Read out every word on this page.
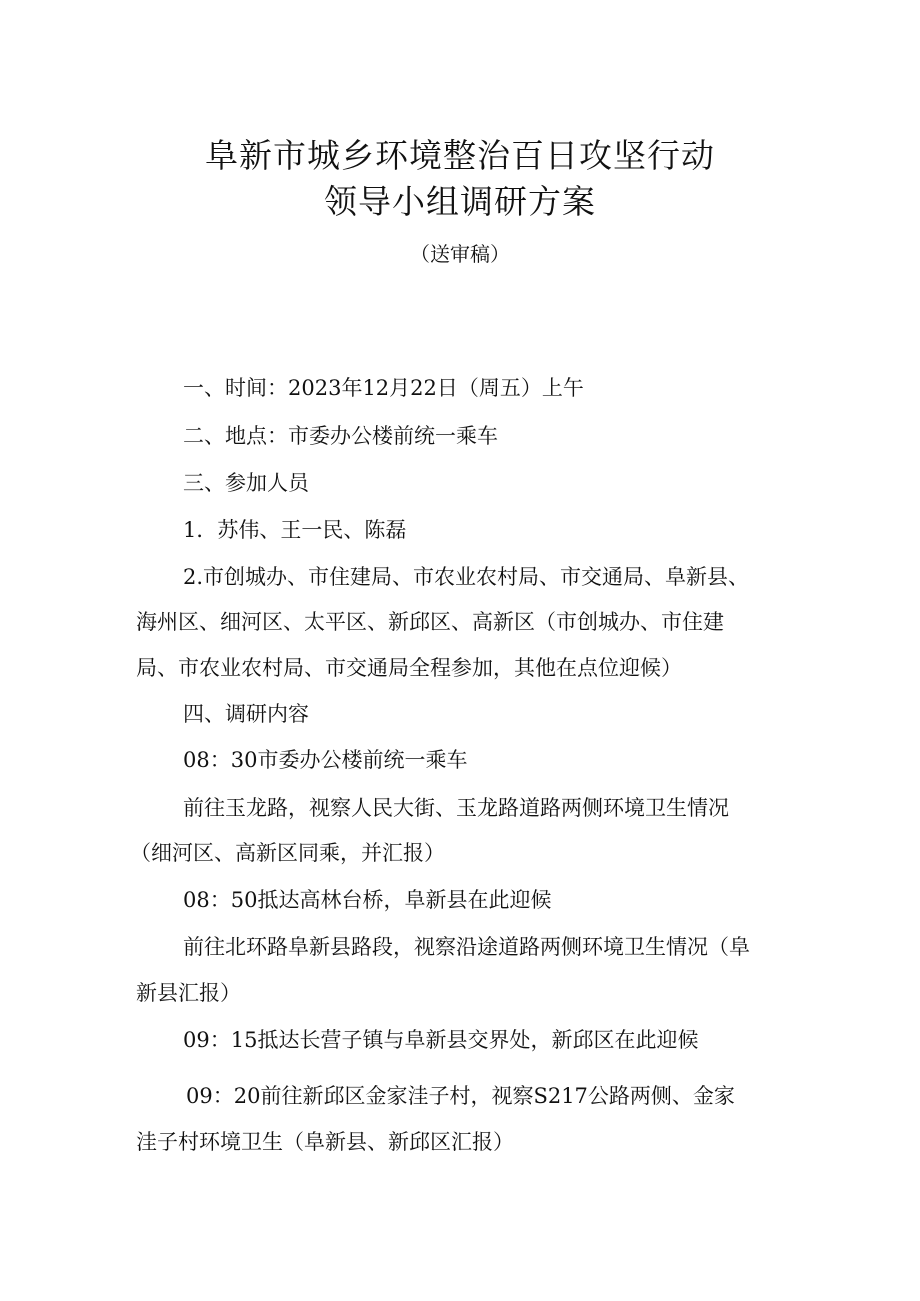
阜新市城乡环境整治百日攻坚行动
领导小组调研方案
（送审稿）
一、时间：2023年12月22日（周五）上午
二、地点：市委办公楼前统一乘车
三、参加人员
1．苏伟、王一民、陈磊
2.市创城办、市住建局、市农业农村局、市交通局、阜新县、
海州区、细河区、太平区、新邱区、高新区（市创城办、市住建
局、市农业农村局、市交通局全程参加，其他在点位迎候）
四、调研内容
08：30市委办公楼前统一乘车
前往玉龙路，视察人民大街、玉龙路道路两侧环境卫生情况
（细河区、高新区同乘，并汇报）
08：50抵达高林台桥，阜新县在此迎候
前往北环路阜新县路段，视察沿途道路两侧环境卫生情况（阜
新县汇报）
09：15抵达长营子镇与阜新县交界处，新邱区在此迎候
09：20前往新邱区金家洼子村，视察S217公路两侧、金家
洼子村环境卫生（阜新县、新邱区汇报）
